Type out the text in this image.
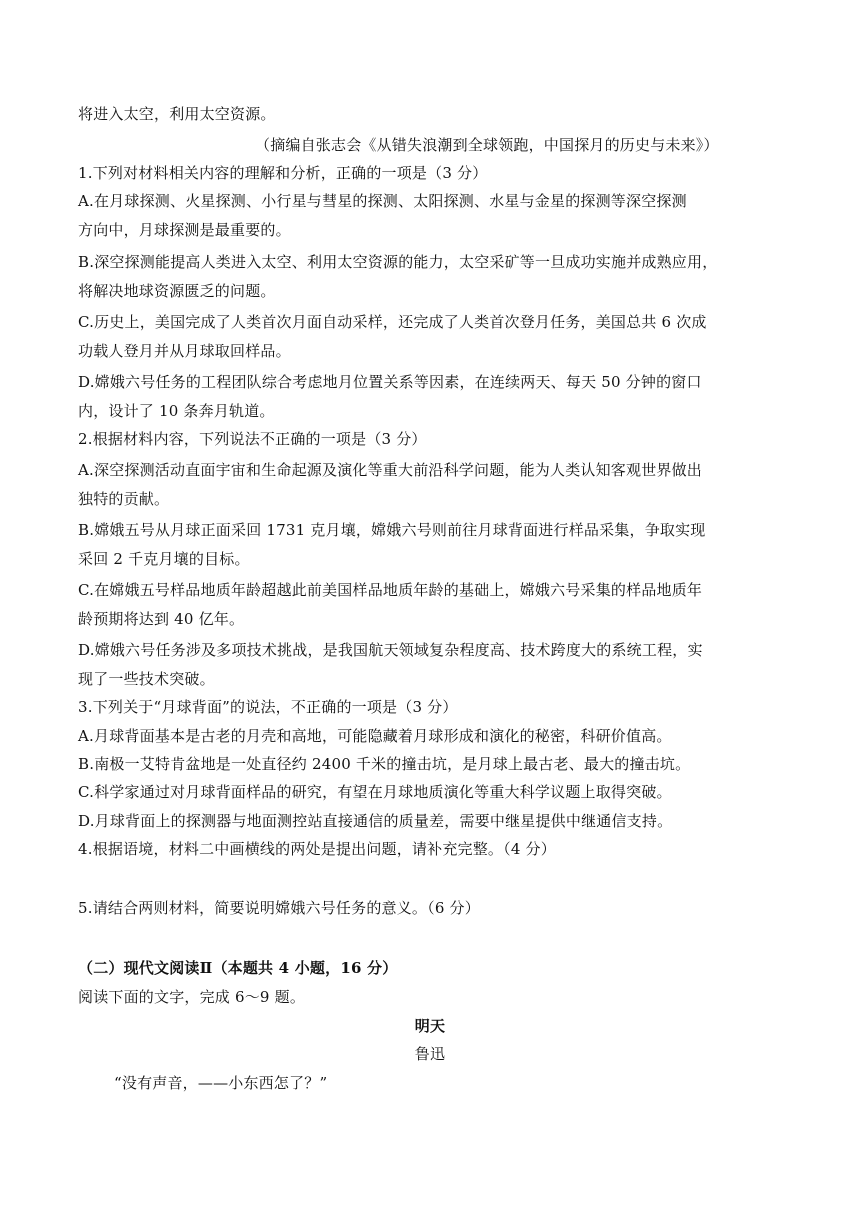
将进入太空，利用太空资源。
（摘编自张志会《从错失浪潮到全球领跑，中国探月的历史与未来》）
1.下列对材料相关内容的理解和分析，正确的一项是（3 分）
A.在月球探测、火星探测、小行星与彗星的探测、太阳探测、水星与金星的探测等深空探测
方向中，月球探测是最重要的。
B.深空探测能提高人类进入太空、利用太空资源的能力，太空采矿等一旦成功实施并成熟应用，
将解决地球资源匮乏的问题。
C.历史上，美国完成了人类首次月面自动采样，还完成了人类首次登月任务，美国总共 6 次成
功载人登月并从月球取回样品。
D.嫦娥六号任务的工程团队综合考虑地月位置关系等因素，在连续两天、每天 50 分钟的窗口
内，设计了 10 条奔月轨道。
2.根据材料内容，下列说法不正确的一项是（3 分）
A.深空探测活动直面宇宙和生命起源及演化等重大前沿科学问题，能为人类认知客观世界做出
独特的贡献。
B.嫦娥五号从月球正面采回 1731 克月壤，嫦娥六号则前往月球背面进行样品采集，争取实现
采回 2 千克月壤的目标。
C.在嫦娥五号样品地质年龄超越此前美国样品地质年龄的基础上，嫦娥六号采集的样品地质年
龄预期将达到 40 亿年。
D.嫦娥六号任务涉及多项技术挑战，是我国航天领域复杂程度高、技术跨度大的系统工程，实
现了一些技术突破。
3.下列关于“月球背面”的说法，不正确的一项是（3 分）
A.月球背面基本是古老的月壳和高地，可能隐藏着月球形成和演化的秘密，科研价值高。
B.南极一艾特肯盆地是一处直径约 2400 千米的撞击坑，是月球上最古老、最大的撞击坑。
C.科学家通过对月球背面样品的研究，有望在月球地质演化等重大科学议题上取得突破。
D.月球背面上的探测器与地面测控站直接通信的质量差，需要中继星提供中继通信支持。
4.根据语境，材料二中画横线的两处是提出问题，请补充完整。（4 分）
5.请结合两则材料，简要说明嫦娥六号任务的意义。（6 分）
（二）现代文阅读Ⅱ（本题共 4 小题，16 分）
阅读下面的文字，完成 6～9 题。
明天
鲁迅
“没有声音，——小东西怎了？”
